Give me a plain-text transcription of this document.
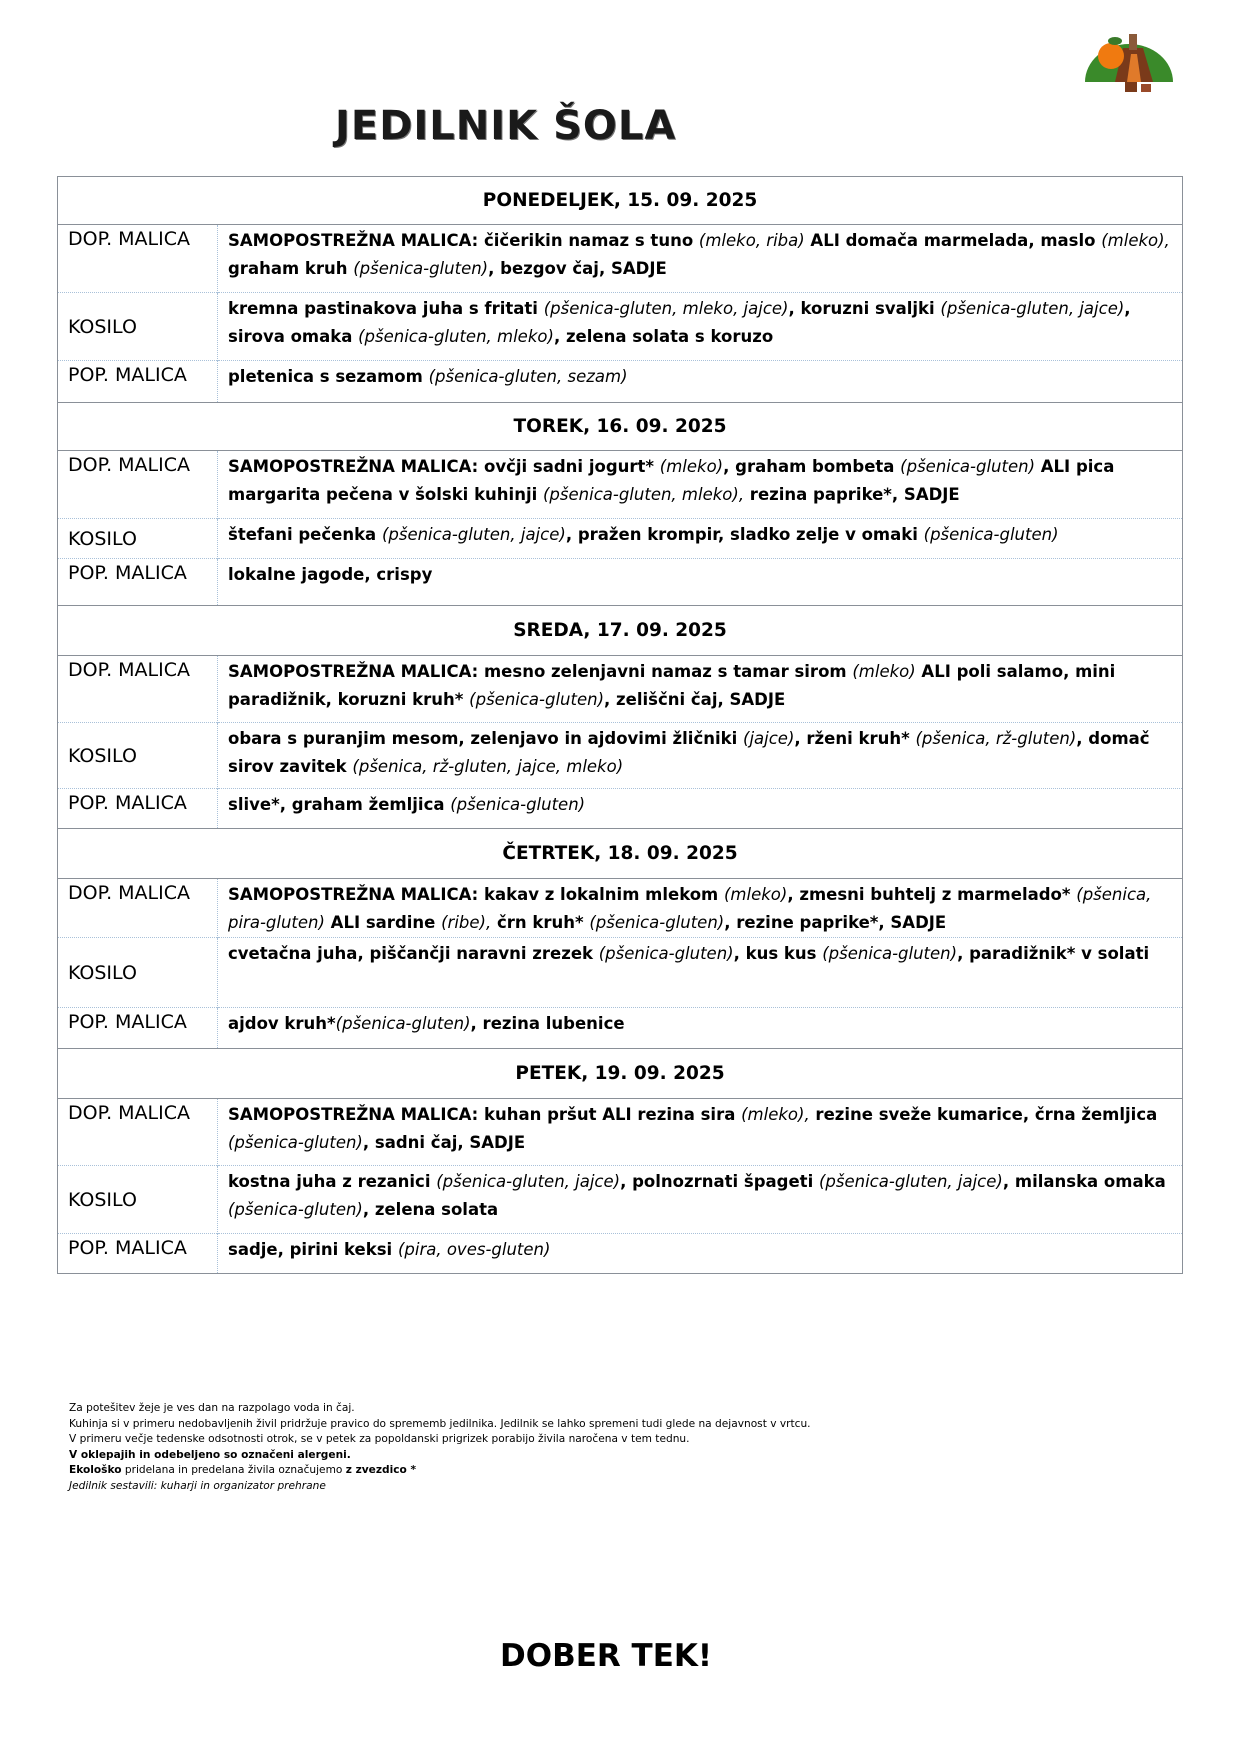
JEDILNIK ŠOLA
PONEDELJEK, 15. 09. 2025	
DOP. MALICA	SAMOPOSTREŽNA MALICA: čičerikin namaz s tuno (mleko, riba) ALI domača marmelada, maslo (mleko), graham kruh (pšenica-gluten), bezgov čaj, SADJE
KOSILO	kremna pastinakova juha s fritati (pšenica-gluten, mleko, jajce), koruzni svaljki (pšenica-gluten, jajce), sirova omaka (pšenica-gluten, mleko), zelena solata s koruzo
POP. MALICA	pletenica s sezamom (pšenica-gluten, sezam)
TOREK, 16. 09. 2025	
DOP. MALICA	SAMOPOSTREŽNA MALICA: ovčji sadni jogurt* (mleko), graham bombeta (pšenica-gluten) ALI pica margarita pečena v šolski kuhinji (pšenica-gluten, mleko), rezina paprike*, SADJE
KOSILO	štefani pečenka (pšenica-gluten, jajce), pražen krompir, sladko zelje v omaki (pšenica-gluten)
POP. MALICA	lokalne jagode, crispy
SREDA, 17. 09. 2025	
DOP. MALICA	SAMOPOSTREŽNA MALICA: mesno zelenjavni namaz s tamar sirom (mleko) ALI poli salamo, mini paradižnik, koruzni kruh* (pšenica-gluten), zeliščni čaj, SADJE
KOSILO	obara s puranjim mesom, zelenjavo in ajdovimi žličniki (jajce), rženi kruh* (pšenica, rž-gluten), domač sirov zavitek (pšenica, rž-gluten, jajce, mleko)
POP. MALICA	slive*, graham žemljica (pšenica-gluten)
ČETRTEK, 18. 09. 2025	
DOP. MALICA	SAMOPOSTREŽNA MALICA: kakav z lokalnim mlekom (mleko), zmesni buhtelj z marmelado* (pšenica, pira-gluten) ALI sardine (ribe), črn kruh* (pšenica-gluten), rezine paprike*, SADJE
KOSILO	cvetačna juha, piščančji naravni zrezek (pšenica-gluten), kus kus (pšenica-gluten), paradižnik* v solati
POP. MALICA	ajdov kruh*(pšenica-gluten), rezina lubenice
PETEK, 19. 09. 2025	
DOP. MALICA	SAMOPOSTREŽNA MALICA: kuhan pršut ALI rezina sira (mleko), rezine sveže kumarice, črna žemljica (pšenica-gluten), sadni čaj, SADJE
KOSILO	kostna juha z rezanici (pšenica-gluten, jajce), polnozrnati špageti (pšenica-gluten, jajce), milanska omaka (pšenica-gluten), zelena solata
POP. MALICA	sadje, pirini keksi (pira, oves-gluten)
Za potešitev žeje je ves dan na razpolago voda in čaj.
Kuhinja si v primeru nedobavljenih živil pridržuje pravico do sprememb jedilnika. Jedilnik se lahko spremeni tudi glede na dejavnost v vrtcu.
V primeru večje tedenske odsotnosti otrok, se v petek za popoldanski prigrizek porabijo živila naročena v tem tednu.
V oklepajih in odebeljeno so označeni alergeni.
Ekološko pridelana in predelana živila označujemo z zvezdico *
Jedilnik sestavili: kuharji in organizator prehrane
DOBER TEK!
